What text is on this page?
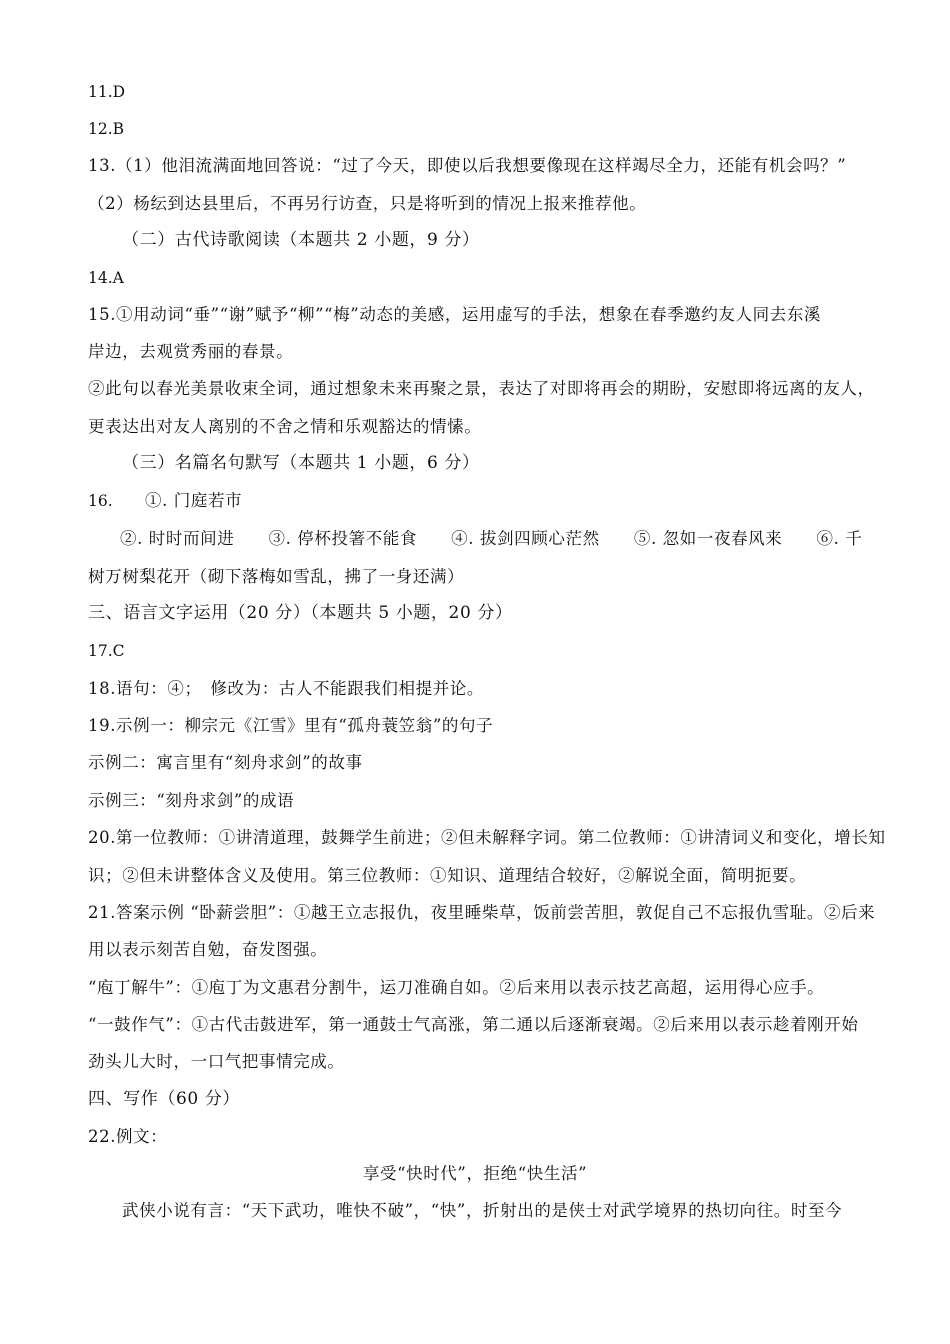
11.D
12.B
13.（1）他泪流满面地回答说：“过了今天，即使以后我想要像现在这样竭尽全力，还能有机会吗？”
（2）杨纭到达县里后，不再另行访查，只是将听到的情况上报来推荐他。
（二）古代诗歌阅读（本题共 2 小题，9 分）
14.A
15.①用动词“垂”“谢”赋予“柳”“梅”动态的美感，运用虚写的手法，想象在春季邀约友人同去东溪
岸边，去观赏秀丽的春景。
②此句以春光美景收束全词，通过想象未来再聚之景，表达了对即将再会的期盼，安慰即将远离的友人，
更表达出对友人离别的不舍之情和乐观豁达的情愫。
（三）名篇名句默写（本题共 1 小题，6 分）
16.	①. 门庭若市
②. 时时而间进　　③. 停杯投箸不能食　　④. 拔剑四顾心茫然　　⑤. 忽如一夜春风来　　⑥. 千
树万树梨花开（砌下落梅如雪乱，拂了一身还满）
三、语言文字运用（20 分）（本题共 5 小题，20 分）
17.C
18.语句：④；　修改为：古人不能跟我们相提并论。
19.示例一：柳宗元《江雪》里有“孤舟蓑笠翁”的句子
示例二：寓言里有“刻舟求剑”的故事
示例三：“刻舟求剑”的成语
20.第一位教师：①讲清道理，鼓舞学生前进；②但未解释字词。第二位教师：①讲清词义和变化，增长知
识；②但未讲整体含义及使用。第三位教师：①知识、道理结合较好，②解说全面，简明扼要。
21.答案示例 “卧薪尝胆”：①越王立志报仇，夜里睡柴草，饭前尝苦胆，敦促自己不忘报仇雪耻。②后来
用以表示刻苦自勉，奋发图强。
“庖丁解牛”：①庖丁为文惠君分割牛，运刀准确自如。②后来用以表示技艺高超，运用得心应手。
“一鼓作气”：①古代击鼓进军，第一通鼓士气高涨，第二通以后逐渐衰竭。②后来用以表示趁着刚开始
劲头儿大时，一口气把事情完成。
四、写作（60 分）
22.例文：
享受“快时代”，拒绝“快生活”
武侠小说有言：“天下武功，唯快不破”，“快”，折射出的是侠士对武学境界的热切向往。时至今
